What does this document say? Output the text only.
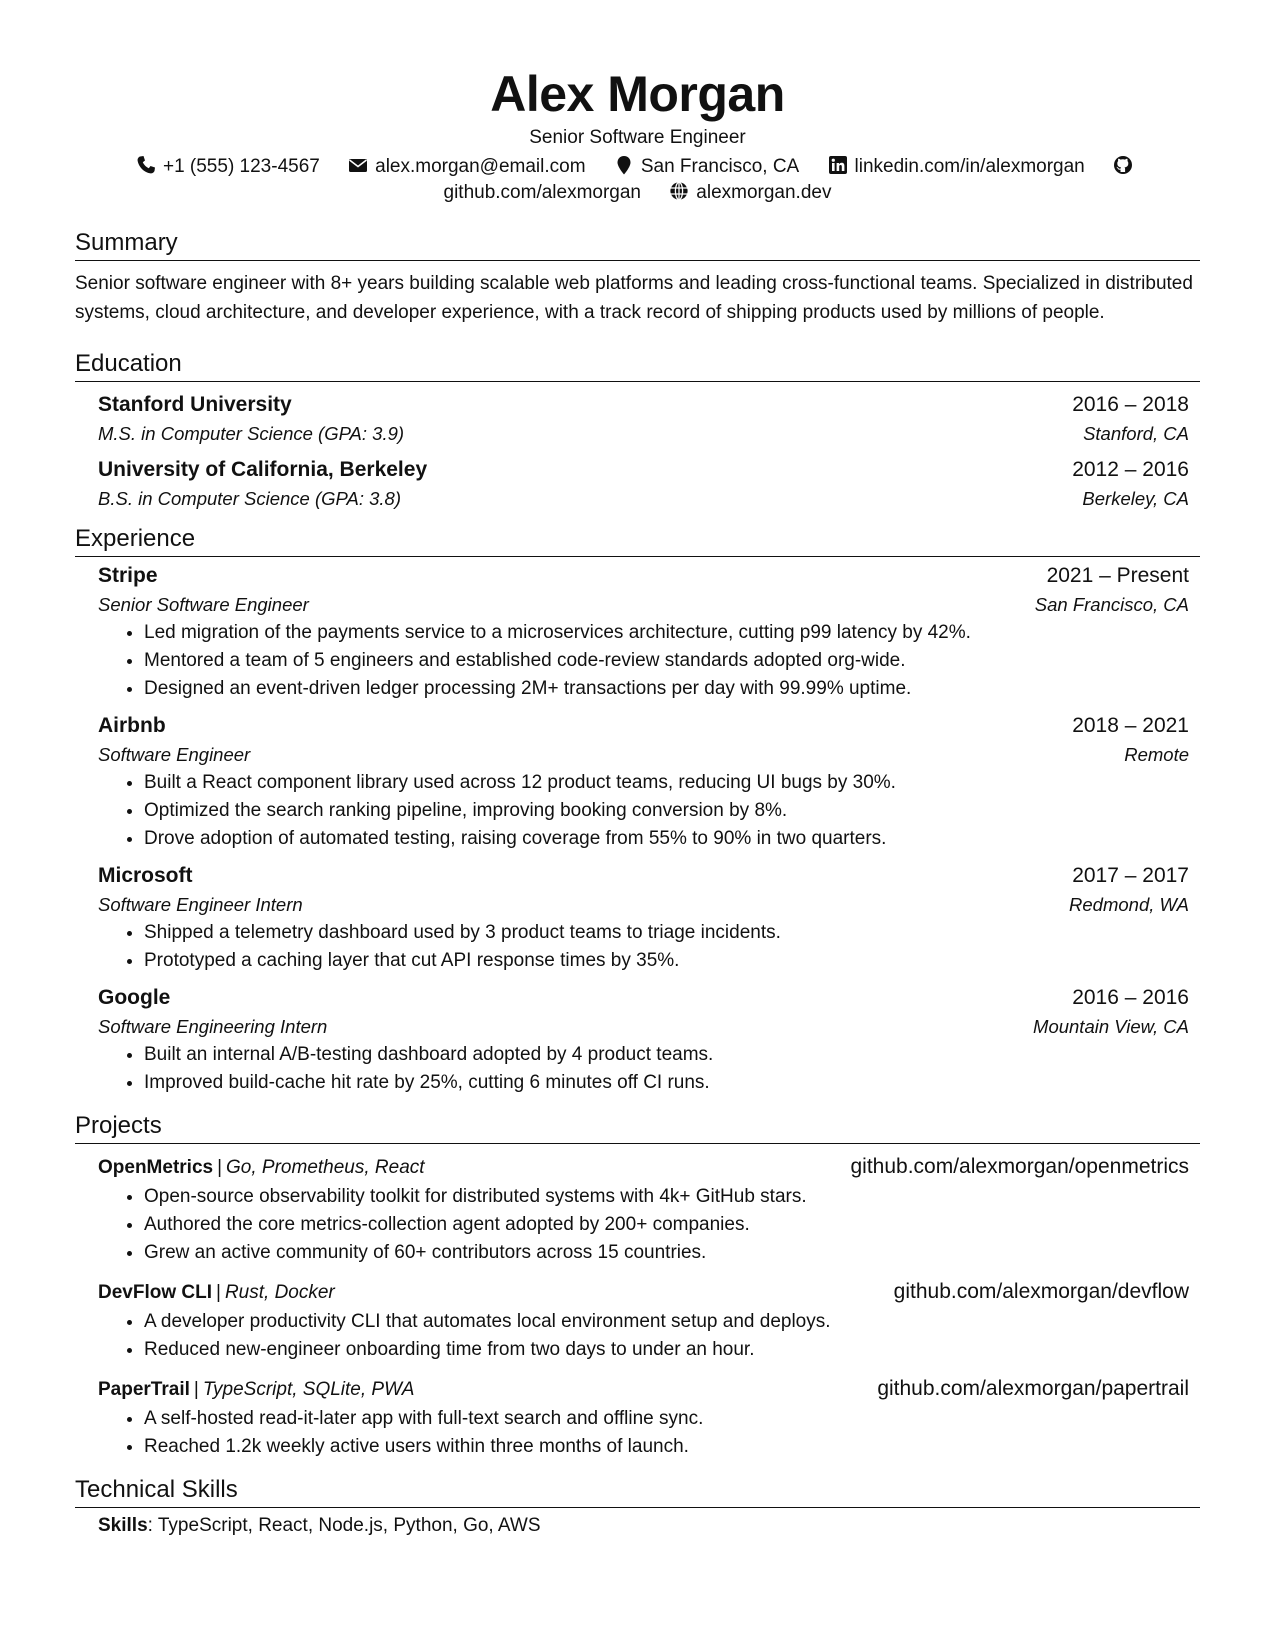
Alex Morgan
Senior Software Engineer
+1 (555) 123-4567	alex.morgan@email.com	San Francisco, CA	linkedin.com/in/alexmorgan  github.com/alexmorgan	alexmorgan.dev
Summary
Senior software engineer with 8+ years building scalable web platforms and leading cross-functional teams. Specialized in distributed systems, cloud architecture, and developer experience, with a track record of shipping products used by millions of people.
Education
Stanford University	2016 – 2018
M.S. in Computer Science (GPA: 3.9)	Stanford, CA
University of California, Berkeley	2012 – 2016
B.S. in Computer Science (GPA: 3.8)	Berkeley, CA
Experience
Stripe	2021 – Present
Senior Software Engineer	San Francisco, CA
• Led migration of the payments service to a microservices architecture, cutting p99 latency by 42%.
• Mentored a team of 5 engineers and established code-review standards adopted org-wide.
• Designed an event-driven ledger processing 2M+ transactions per day with 99.99% uptime.
Airbnb	2018 – 2021
Software Engineer	Remote
• Built a React component library used across 12 product teams, reducing UI bugs by 30%.
• Optimized the search ranking pipeline, improving booking conversion by 8%.
• Drove adoption of automated testing, raising coverage from 55% to 90% in two quarters.
Microsoft	2017 – 2017
Software Engineer Intern	Redmond, WA
• Shipped a telemetry dashboard used by 3 product teams to triage incidents.
• Prototyped a caching layer that cut API response times by 35%.
Google	2016 – 2016
Software Engineering Intern	Mountain View, CA
• Built an internal A/B-testing dashboard adopted by 4 product teams.
• Improved build-cache hit rate by 25%, cutting 6 minutes off CI runs.
Projects
OpenMetrics | Go, Prometheus, React	github.com/alexmorgan/openmetrics
• Open-source observability toolkit for distributed systems with 4k+ GitHub stars.
• Authored the core metrics-collection agent adopted by 200+ companies.
• Grew an active community of 60+ contributors across 15 countries.
DevFlow CLI | Rust, Docker	github.com/alexmorgan/devflow
• A developer productivity CLI that automates local environment setup and deploys.
• Reduced new-engineer onboarding time from two days to under an hour.
PaperTrail | TypeScript, SQLite, PWA	github.com/alexmorgan/papertrail
• A self-hosted read-it-later app with full-text search and offline sync.
• Reached 1.2k weekly active users within three months of launch.
Technical Skills
Skills: TypeScript, React, Node.js, Python, Go, AWS
